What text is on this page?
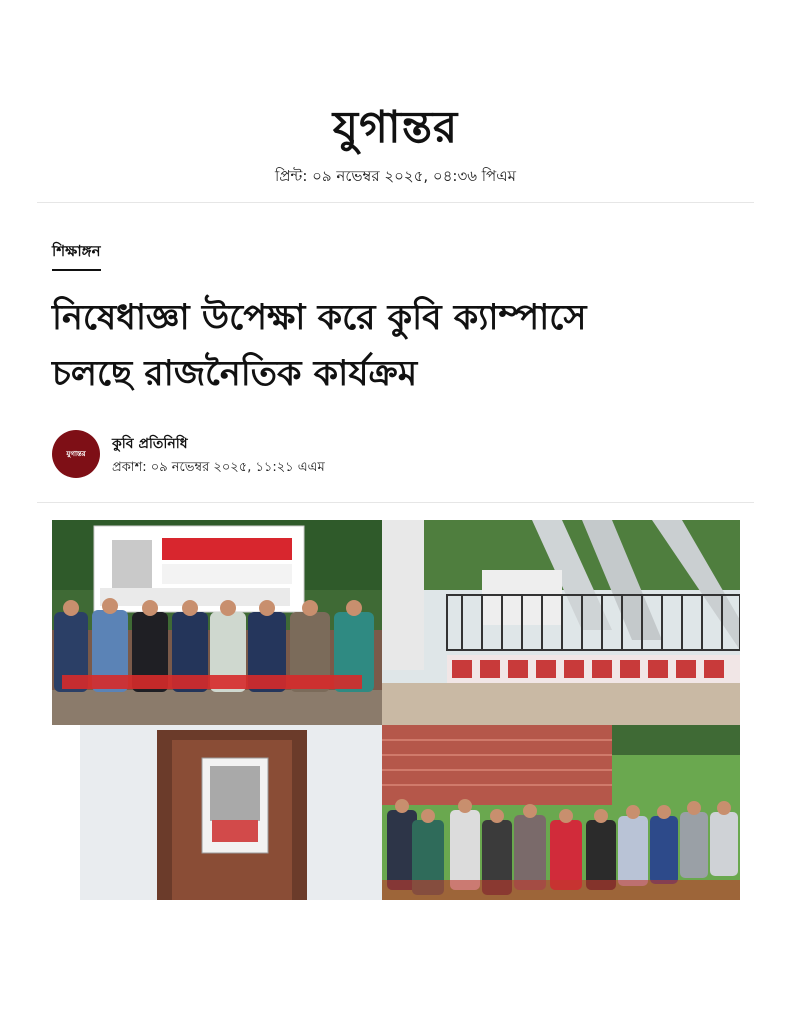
যুগান্তর
প্রিন্ট: ০৯ নভেম্বর ২০২৫, ০৪:৩৬ পিএম
শিক্ষাঙ্গন
নিষেধাজ্ঞা উপেক্ষা করে কুবি ক্যাম্পাসে
চলছে রাজনৈতিক কার্যক্রম
যুগান্তর
কুবি প্রতিনিধি
প্রকাশ: ০৯ নভেম্বর ২০২৫, ১১:২১ এএম
